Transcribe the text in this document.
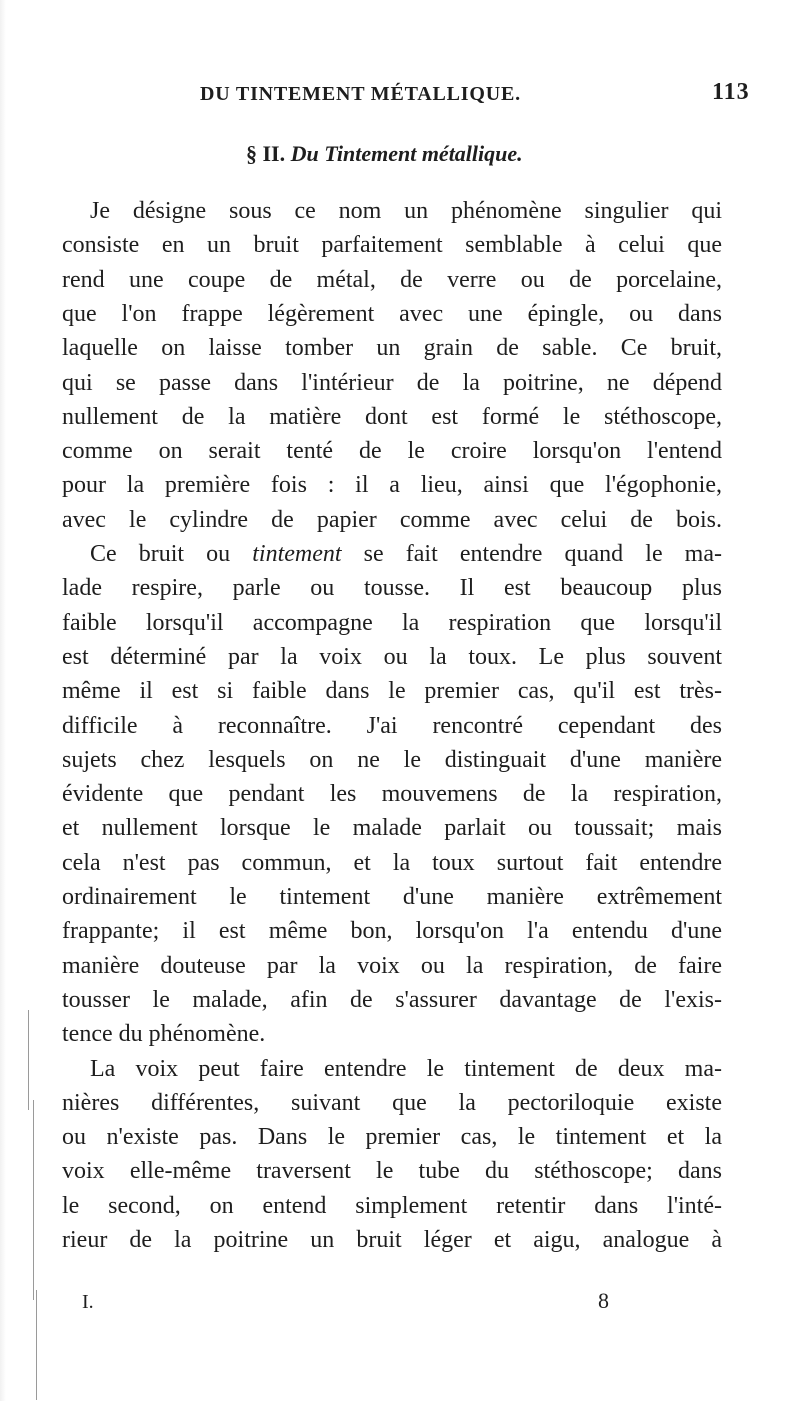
DU TINTEMENT MÉTALLIQUE.	113
§ II. Du Tintement métallique.
Je désigne sous ce nom un phénomène singulier qui
consiste en un bruit parfaitement semblable à celui que
rend une coupe de métal, de verre ou de porcelaine,
que l'on frappe légèrement avec une épingle, ou dans
laquelle on laisse tomber un grain de sable. Ce bruit,
qui se passe dans l'intérieur de la poitrine, ne dépend
nullement de la matière dont est formé le stéthoscope,
comme on serait tenté de le croire lorsqu'on l'entend
pour la première fois : il a lieu, ainsi que l'égophonie,
avec le cylindre de papier comme avec celui de bois.
Ce bruit ou tintement se fait entendre quand le ma-
lade respire, parle ou tousse. Il est beaucoup plus
faible lorsqu'il accompagne la respiration que lorsqu'il
est déterminé par la voix ou la toux. Le plus souvent
même il est si faible dans le premier cas, qu'il est très-
difficile à reconnaître. J'ai rencontré cependant des
sujets chez lesquels on ne le distinguait d'une manière
évidente que pendant les mouvemens de la respiration,
et nullement lorsque le malade parlait ou toussait; mais
cela n'est pas commun, et la toux surtout fait entendre
ordinairement le tintement d'une manière extrêmement
frappante; il est même bon, lorsqu'on l'a entendu d'une
manière douteuse par la voix ou la respiration, de faire
tousser le malade, afin de s'assurer davantage de l'exis-
tence du phénomène.
La voix peut faire entendre le tintement de deux ma-
nières différentes, suivant que la pectoriloquie existe
ou n'existe pas. Dans le premier cas, le tintement et la
voix elle-même traversent le tube du stéthoscope; dans
le second, on entend simplement retentir dans l'inté-
rieur de la poitrine un bruit léger et aigu, analogue à
I.	8
